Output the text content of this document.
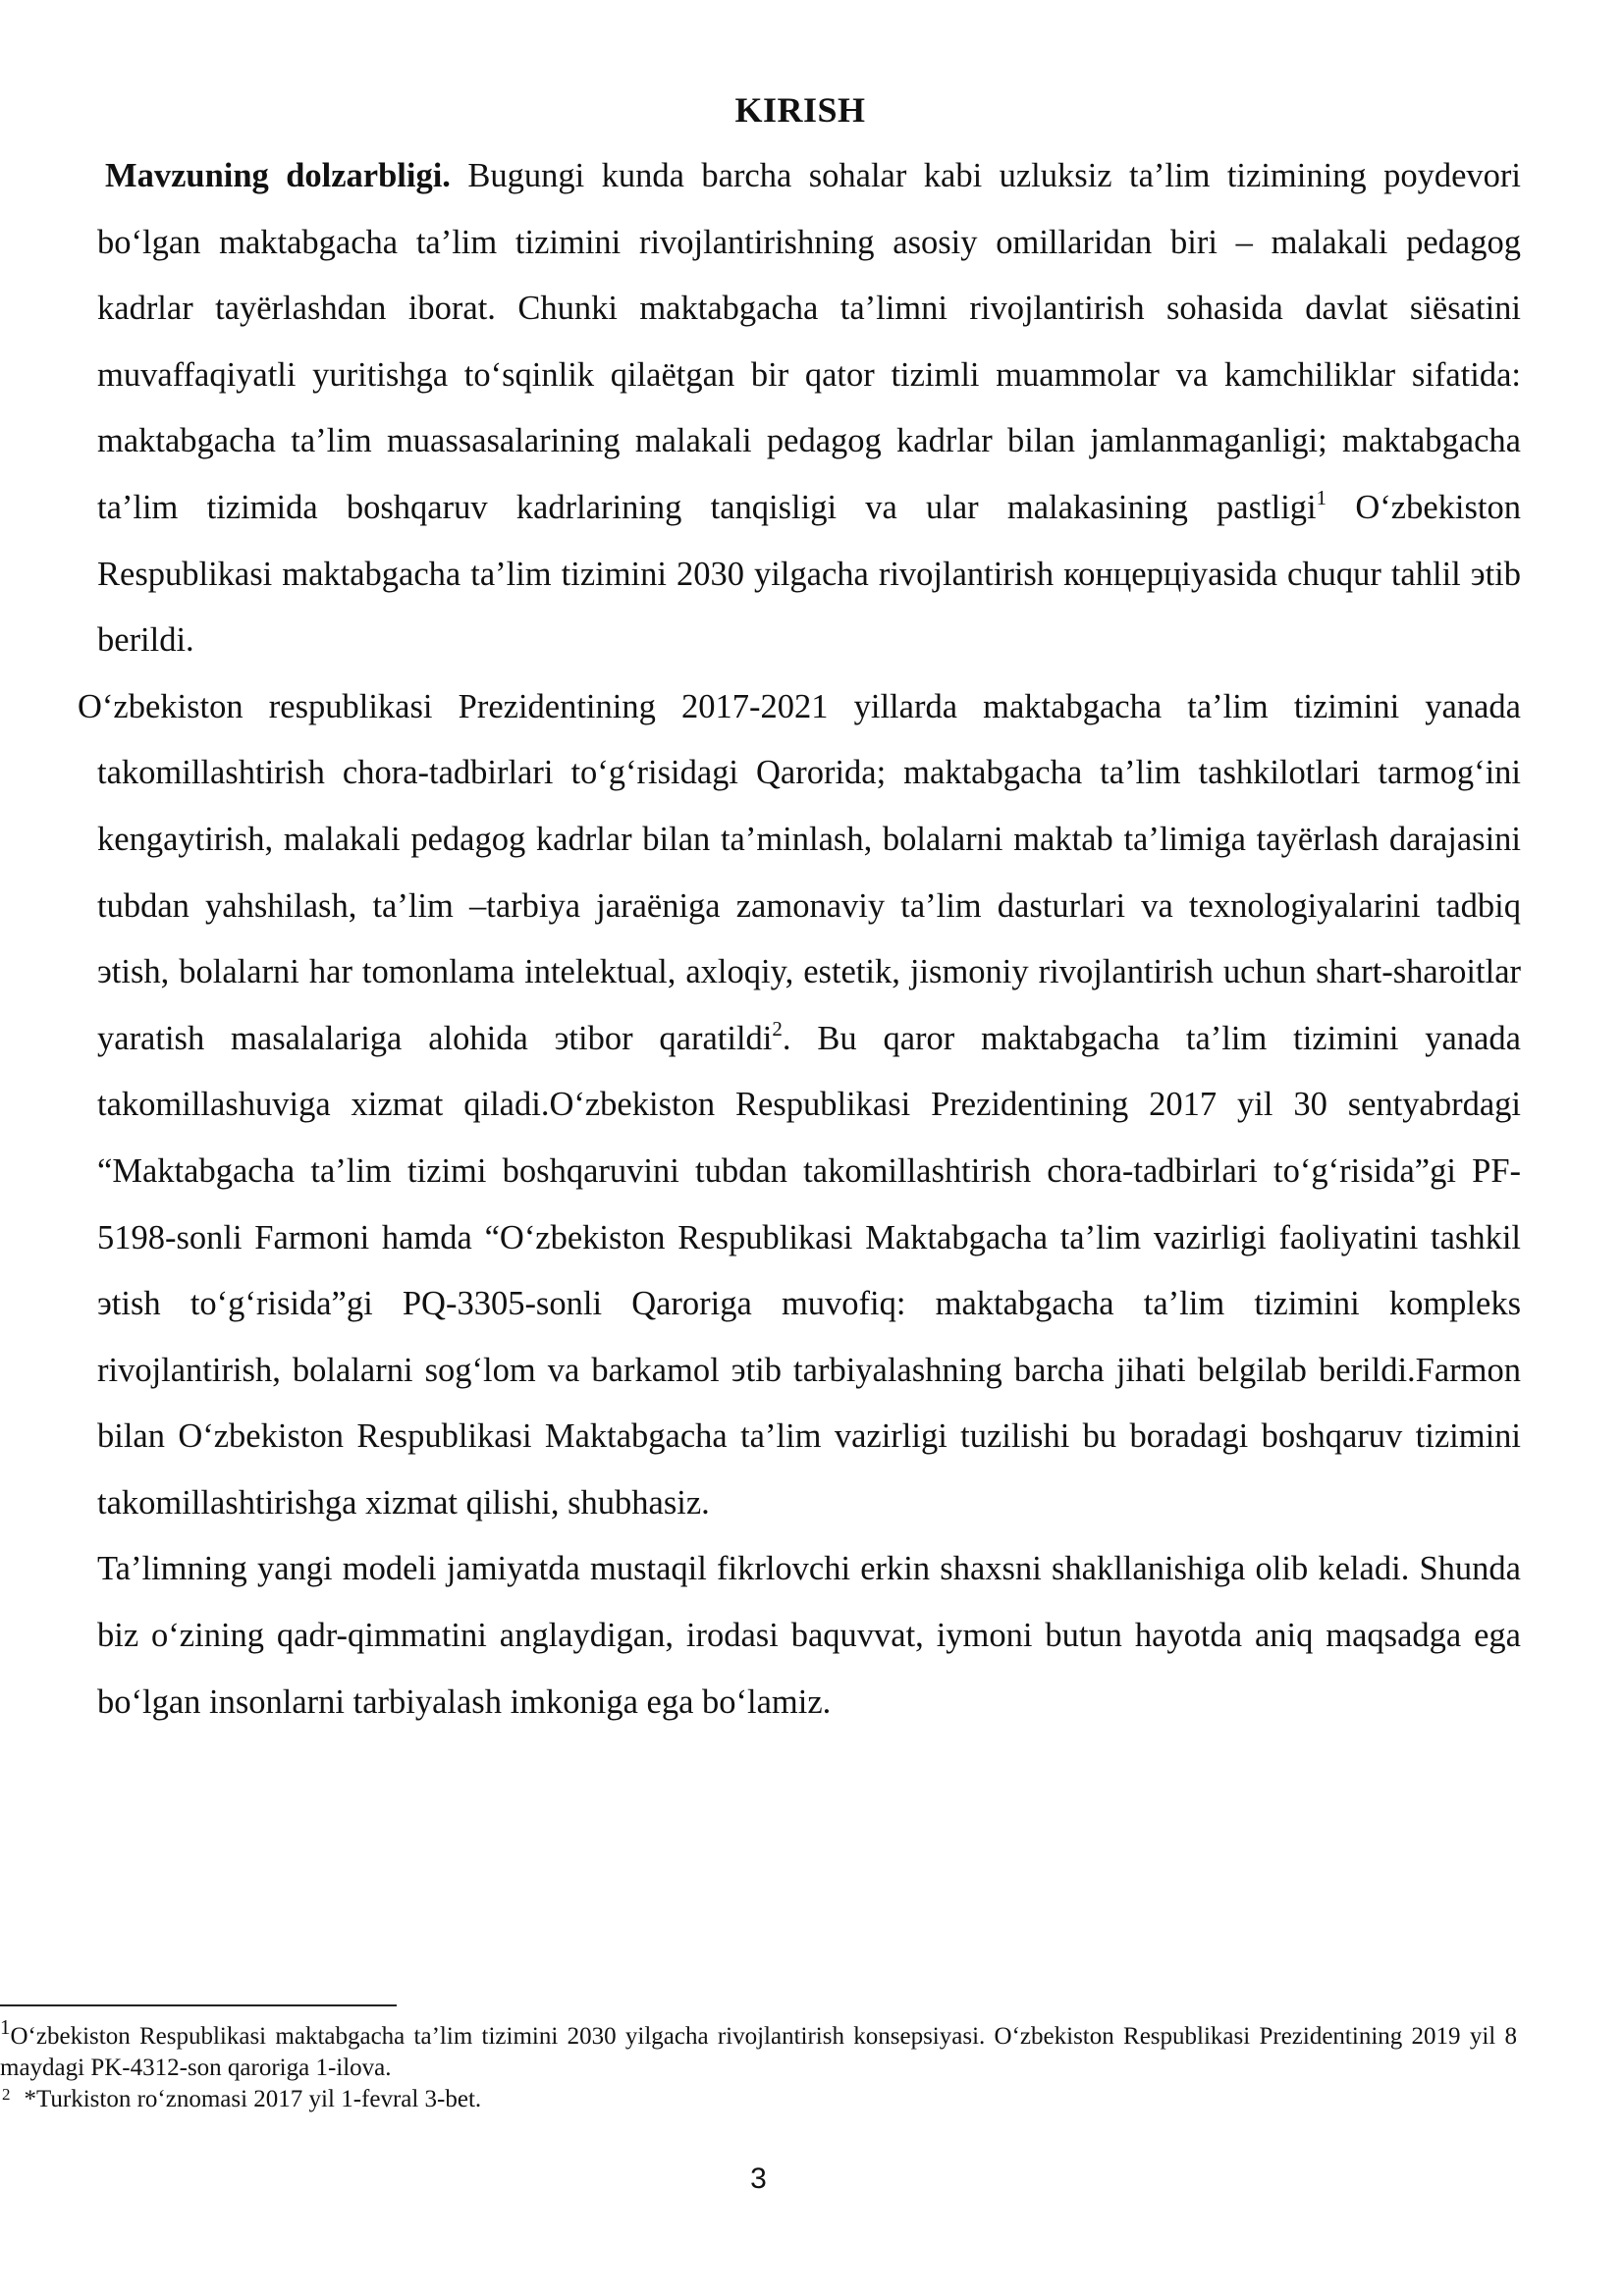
KIRISH

Mavzuning dolzarbligi. Bugungi kunda barcha sohalar kabi uzluksiz ta’lim tizimining poydevori bo‘lgan maktabgacha ta’lim tizimini rivojlantirishning asosiy omillaridan biri – malakali pedagog kadrlar tayërlashdan iborat. Chunki maktabgacha ta’limni rivojlantirish sohasida davlat siësatini muvaffaqiyatli yuritishga to‘sqinlik qilaëtgan bir qator tizimli muammolar va kamchiliklar sifatida: maktabgacha ta’lim muassasalarining malakali pedagog kadrlar bilan jamlanmaganligi; maktabgacha ta’lim tizimida boshqaruv kadrlarining tanqisligi va ular malakasining pastligi$^1$ O‘zbekiston Respublikasi maktabgacha ta’lim tizimini 2030 yilgacha rivojlantirish концерцiyasida chuqur tahlil эtib berildi.

O‘zbekiston respublikasi Prezidentining 2017-2021 yillarda maktabgacha ta’lim tizimini yanada takomillashtirish chora-tadbirlari to‘g‘risidagi Qarorida; maktabgacha ta’lim tashkilotlari tarmog‘ini kengaytirish, malakali pedagog kadrlar bilan ta’minlash, bolalarni maktab ta’limiga tayërlash darajasini tubdan yahshilash, ta’lim –tarbiya jaraëniga zamonaviy ta’lim dasturlari va texnologiyalarini tadbiq эtish, bolalarni har tomonlama intelektual, axloqiy, estetik, jismoniy rivojlantirish uchun shart-sharoitlar yaratish masalalariga alohida эtibor qaratildi$^2$. Bu qaror maktabgacha ta’lim tizimini yanada takomillashuviga xizmat qiladi.O‘zbekiston Respublikasi Prezidentining 2017 yil 30 sentyabrdagi “Maktabgacha ta’lim tizimi boshqaruvini tubdan takomillashtirish chora-tadbirlari to‘g‘risida”gi PF-5198-sonli Farmoni hamda “O‘zbekiston Respublikasi Maktabgacha ta’lim vazirligi faoliyatini tashkil эtish to‘g‘risida”gi PQ-3305-sonli Qaroriga muvofiq: maktabgacha ta’lim tizimini kompleks rivojlantirish, bolalarni sog‘lom va barkamol эtib tarbiyalashning barcha jihati belgilab berildi.Farmon bilan O‘zbekiston Respublikasi Maktabgacha ta’lim vazirligi tuzilishi bu boradagi boshqaruv tizimini takomillashtirishga xizmat qilishi, shubhasiz.

Ta’limning yangi modeli jamiyatda mustaqil fikrlovchi erkin shaxsni shakllanishiga olib keladi. Shunda biz o‘zining qadr-qimmatini anglaydigan, irodasi baquvvat, iymoni butun hayotda aniq maqsadga ega bo‘lgan insonlarni tarbiyalash imkoniga ega bo‘lamiz.

$^1$O‘zbekiston Respublikasi maktabgacha ta’lim tizimini 2030 yilgacha rivojlantirish konsepsiyasi. O‘zbekiston Respublikasi Prezidentining 2019 yil 8 maydagi PK-4312-son qaroriga 1-ilova.

$^2$ *Turkiston ro‘znomasi 2017 yil 1-fevral 3-bet.

3
